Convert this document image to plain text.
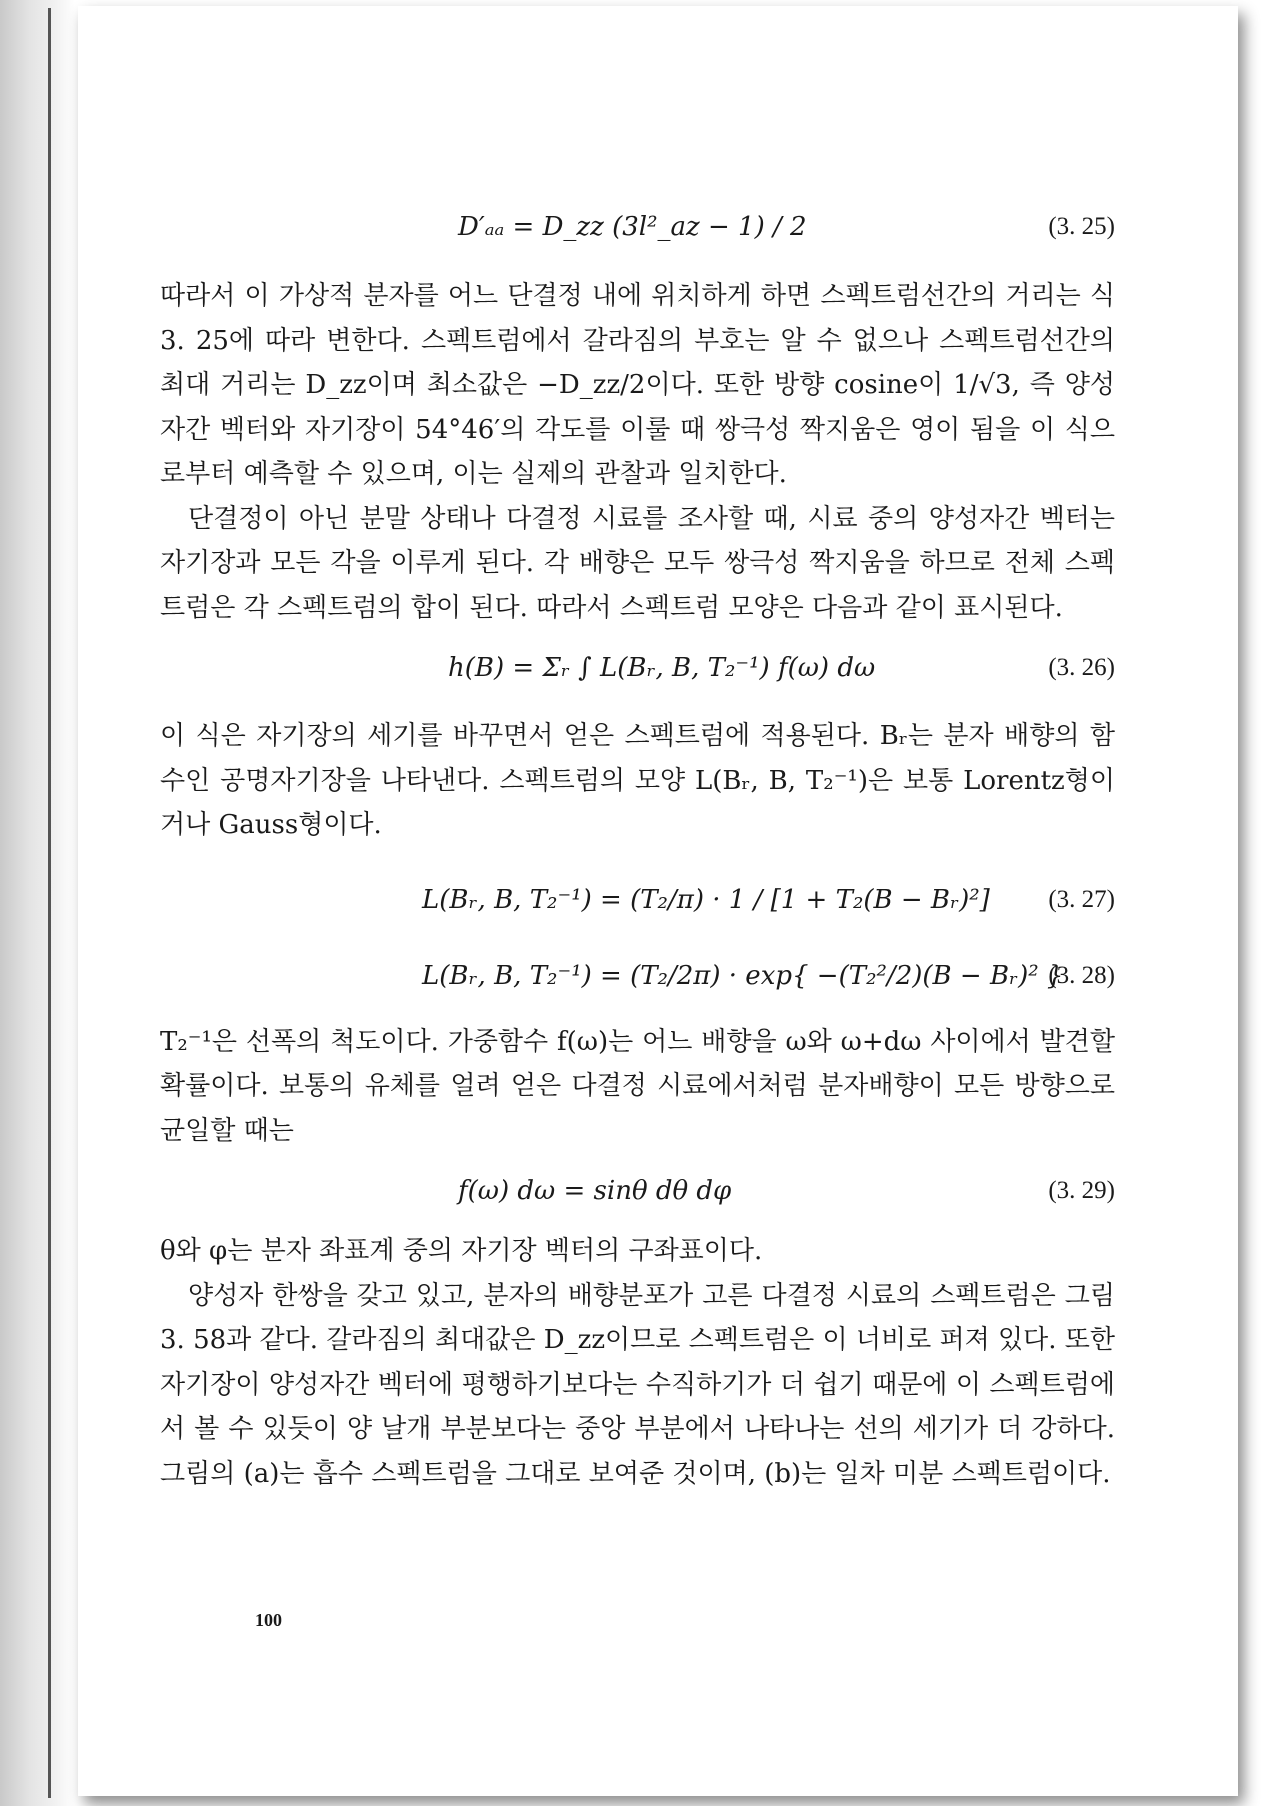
D′ₐₐ = D_zz (3l²_az − 1) / 2	(3. 25)

따라서 이 가상적 분자를 어느 단결정 내에 위치하게 하면 스펙트럼선간의 거리는 식 3. 25에 따라 변한다. 스펙트럼에서 갈라짐의 부호는 알 수 없으나 스펙트럼선간의 최대 거리는 D_zz이며 최소값은 −D_zz/2이다. 또한 방향 cosine이 1/√3, 즉 양성자간 벡터와 자기장이 54°46′의 각도를 이룰 때 쌍극성 짝지움은 영이 됨을 이 식으로부터 예측할 수 있으며, 이는 실제의 관찰과 일치한다.

단결정이 아닌 분말 상태나 다결정 시료를 조사할 때, 시료 중의 양성자간 벡터는 자기장과 모든 각을 이루게 된다. 각 배향은 모두 쌍극성 짝지움을 하므로 전체 스펙트럼은 각 스펙트럼의 합이 된다. 따라서 스펙트럼 모양은 다음과 같이 표시된다.

h(B) = Σᵣ ∫ L(Bᵣ, B, T₂⁻¹) f(ω) dω	(3. 26)

이 식은 자기장의 세기를 바꾸면서 얻은 스펙트럼에 적용된다. Bᵣ는 분자 배향의 함수인 공명자기장을 나타낸다. 스펙트럼의 모양 L(Bᵣ, B, T₂⁻¹)은 보통 Lorentz형이거나 Gauss형이다.

L(Bᵣ, B, T₂⁻¹) = (T₂/π) · 1 / [1 + T₂(B − Bᵣ)²] (3. 27)
L(Bᵣ, B, T₂⁻¹) = (T₂/2π) · exp{ −(T₂²/2)(B − Bᵣ)² }
(3. 28)

T₂⁻¹은 선폭의 척도이다. 가중함수 f(ω)는 어느 배향을 ω와 ω+dω 사이에서 발견할 확률이다. 보통의 유체를 얼려 얻은 다결정 시료에서처럼 분자배향이 모든 방향으로 균일할 때는

f(ω) dω = sinθ dθ dφ	(3. 29)

θ와 φ는 분자 좌표계 중의 자기장 벡터의 구좌표이다.

양성자 한쌍을 갖고 있고, 분자의 배향분포가 고른 다결정 시료의 스펙트럼은 그림 3. 58과 같다. 갈라짐의 최대값은 D_zz이므로 스펙트럼은 이 너비로 퍼져 있다. 또한 자기장이 양성자간 벡터에 평행하기보다는 수직하기가 더 쉽기 때문에 이 스펙트럼에서 볼 수 있듯이 양 날개 부분보다는 중앙 부분에서 나타나는 선의 세기가 더 강하다. 그림의 (a)는 흡수 스펙트럼을 그대로 보여준 것이며, (b)는 일차 미분 스펙트럼이다.

100
